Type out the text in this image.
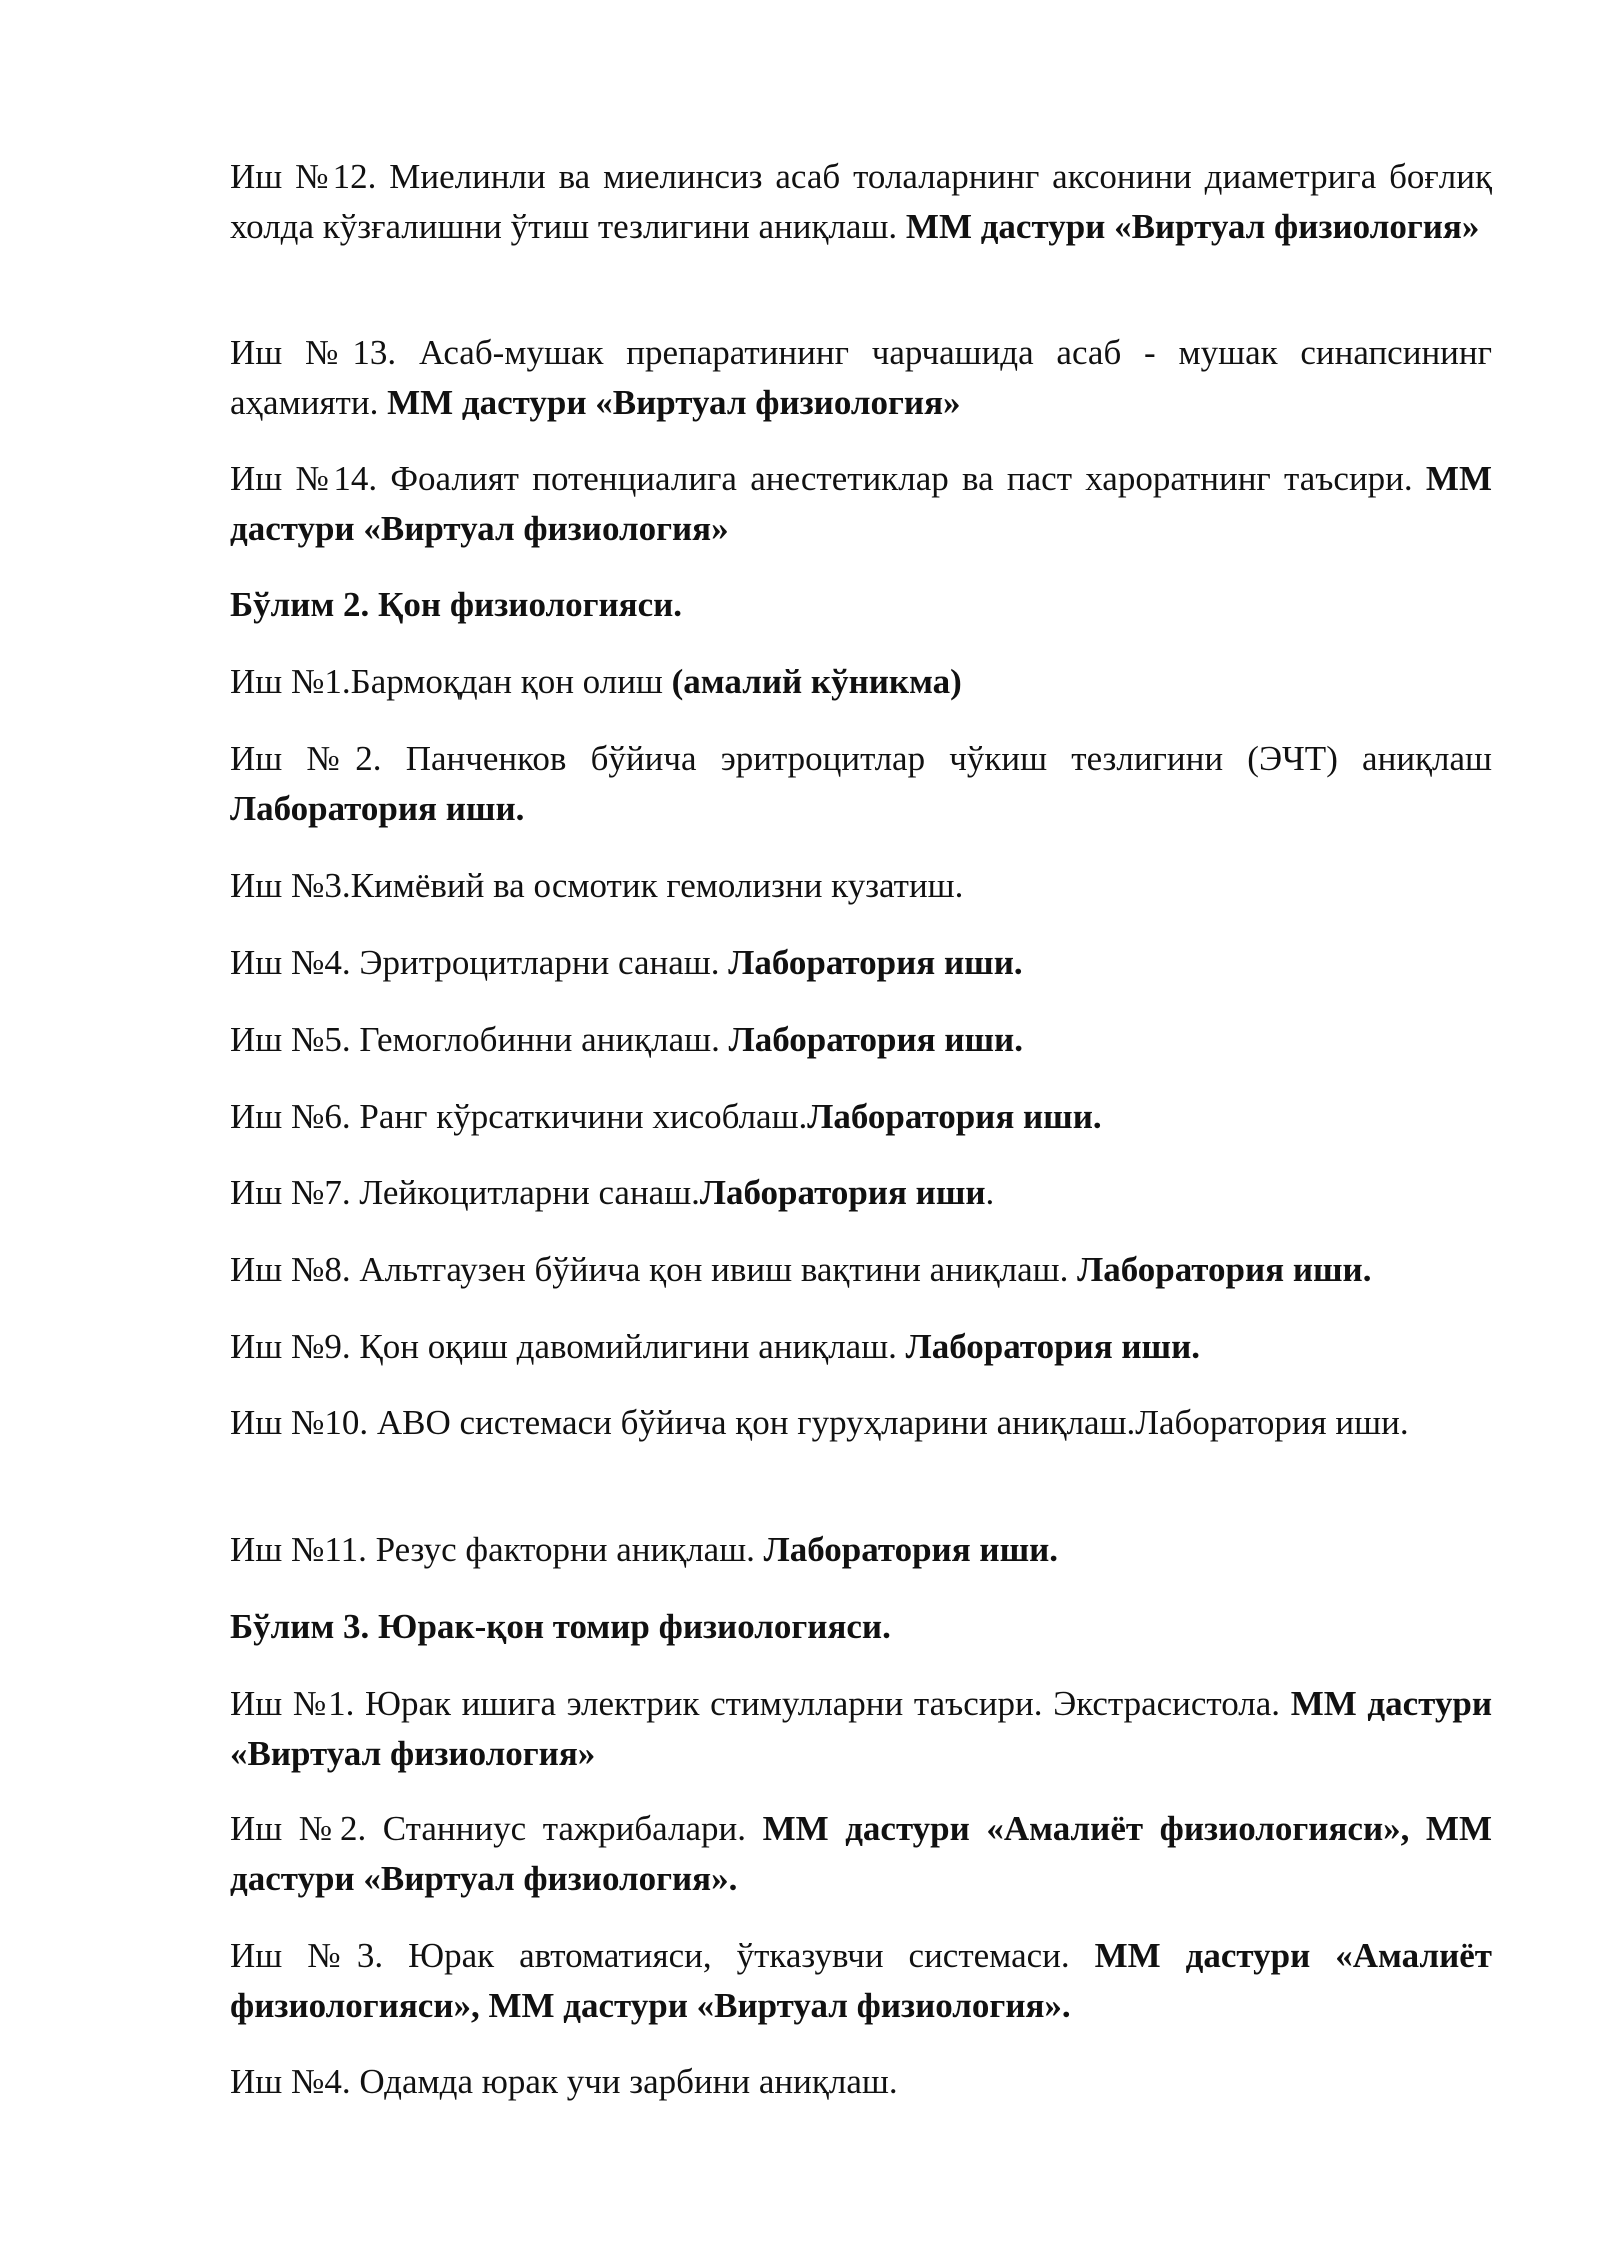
Иш №12. Миелинли ва миелинсиз асаб толаларнинг аксонини диаметрига боғлиқ холда кўзғалишни ўтиш тезлигини аниқлаш. ММ дастури «Виртуал физиология»

Иш №13. Асаб-мушак препаратининг чарчашида асаб - мушак синапсининг аҳамияти. ММ дастури «Виртуал физиология»

Иш №14. Фоалият потенциалига анестетиклар ва паст хароратнинг таъсири. ММ дастури «Виртуал физиология»

Бўлим 2. Қон физиологияси.

Иш №1.Бармоқдан қон олиш (амалий кўникма)

Иш №2. Панченков бўйича эритроцитлар чўкиш тезлигини (ЭЧТ) аниқлаш Лаборатория иши.

Иш №3.Кимёвий ва осмотик гемолизни кузатиш.

Иш №4. Эритроцитларни санаш. Лаборатория иши.

Иш №5. Гемоглобинни аниқлаш. Лаборатория иши.

Иш №6. Ранг кўрсаткичини хисоблаш.Лаборатория иши.

Иш №7. Лейкоцитларни санаш.Лаборатория иши.

Иш №8. Альтгаузен бўйича қон ивиш вақтини аниқлаш. Лаборатория иши.

Иш №9. Қон оқиш давомийлигини аниқлаш. Лаборатория иши.

Иш №10. АВО системаси бўйича қон гуруҳларини аниқлаш.Лаборатория иши.

Иш №11. Резус факторни аниқлаш. Лаборатория иши.

Бўлим 3. Юрак-қон томир физиологияси.

Иш №1. Юрак ишига электрик стимулларни таъсири. Экстрасистола. ММ дастури «Виртуал физиология»

Иш №2. Станниус тажрибалари. ММ дастури «Амалиёт физиологияси», ММ дастури «Виртуал физиология».

Иш №3. Юрак автоматияси, ўтказувчи системаси. ММ дастури «Амалиёт физиологияси», ММ дастури «Виртуал физиология».

Иш №4. Одамда юрак учи зарбини аниқлаш.
